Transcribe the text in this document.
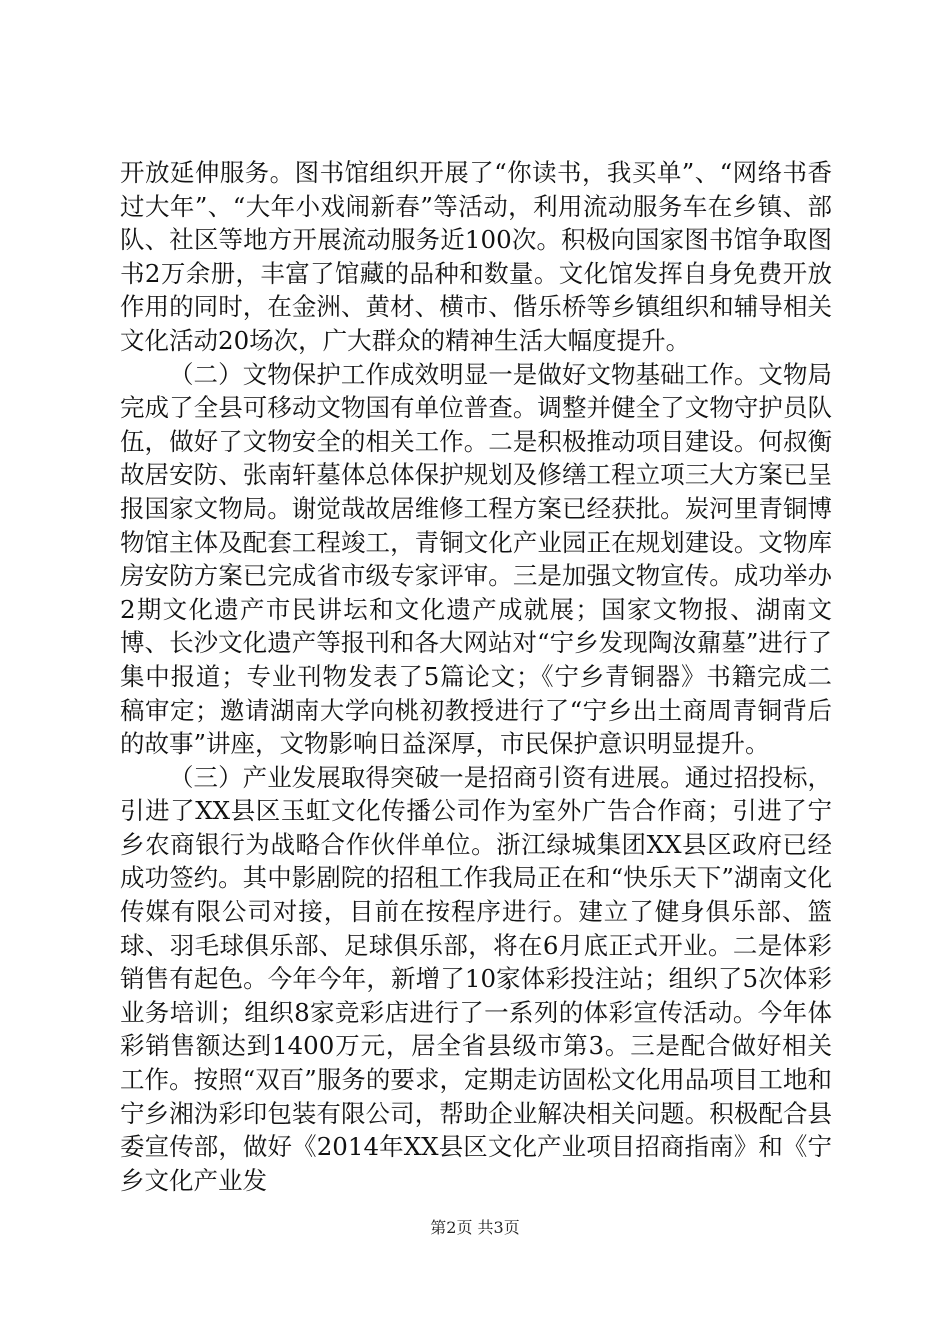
开放延伸服务。图书馆组织开展了“你读书，我买单”、“网络书香过大年”、“大年小戏闹新春”等活动，利用流动服务车在乡镇、部队、社区等地方开展流动服务近100次。积极向国家图书馆争取图书2万余册，丰富了馆藏的品种和数量。文化馆发挥自身免费开放作用的同时，在金洲、黄材、横市、偕乐桥等乡镇组织和辅导相关文化活动20场次，广大群众的精神生活大幅度提升。

（二）文物保护工作成效明显一是做好文物基础工作。文物局完成了全县可移动文物国有单位普查。调整并健全了文物守护员队伍，做好了文物安全的相关工作。二是积极推动项目建设。何叔衡故居安防、张南轩墓体总体保护规划及修缮工程立项三大方案已呈报国家文物局。谢觉哉故居维修工程方案已经获批。炭河里青铜博物馆主体及配套工程竣工，青铜文化产业园正在规划建设。文物库房安防方案已完成省市级专家评审。三是加强文物宣传。成功举办2期文化遗产市民讲坛和文化遗产成就展；国家文物报、湖南文博、长沙文化遗产等报刊和各大网站对“宁乡发现陶汝鼐墓”进行了集中报道；专业刊物发表了5篇论文；《宁乡青铜器》书籍完成二稿审定；邀请湖南大学向桃初教授进行了“宁乡出土商周青铜背后的故事”讲座，文物影响日益深厚，市民保护意识明显提升。

（三）产业发展取得突破一是招商引资有进展。通过招投标，引进了XX县区玉虹文化传播公司作为室外广告合作商；引进了宁乡农商银行为战略合作伙伴单位。浙江绿城集团XX县区政府已经成功签约。其中影剧院的招租工作我局正在和“快乐天下”湖南文化传媒有限公司对接，目前在按程序进行。建立了健身俱乐部、篮球、羽毛球俱乐部、足球俱乐部，将在6月底正式开业。二是体彩销售有起色。今年今年，新增了10家体彩投注站；组织了5次体彩业务培训；组织8家竞彩店进行了一系列的体彩宣传活动。今年体彩销售额达到1400万元，居全省县级市第3。三是配合做好相关工作。按照“双百”服务的要求，定期走访固松文化用品项目工地和宁乡湘沩彩印包装有限公司，帮助企业解决相关问题。积极配合县委宣传部，做好《2014年XX县区文化产业项目招商指南》和《宁乡文化产业发

第2页 共3页
